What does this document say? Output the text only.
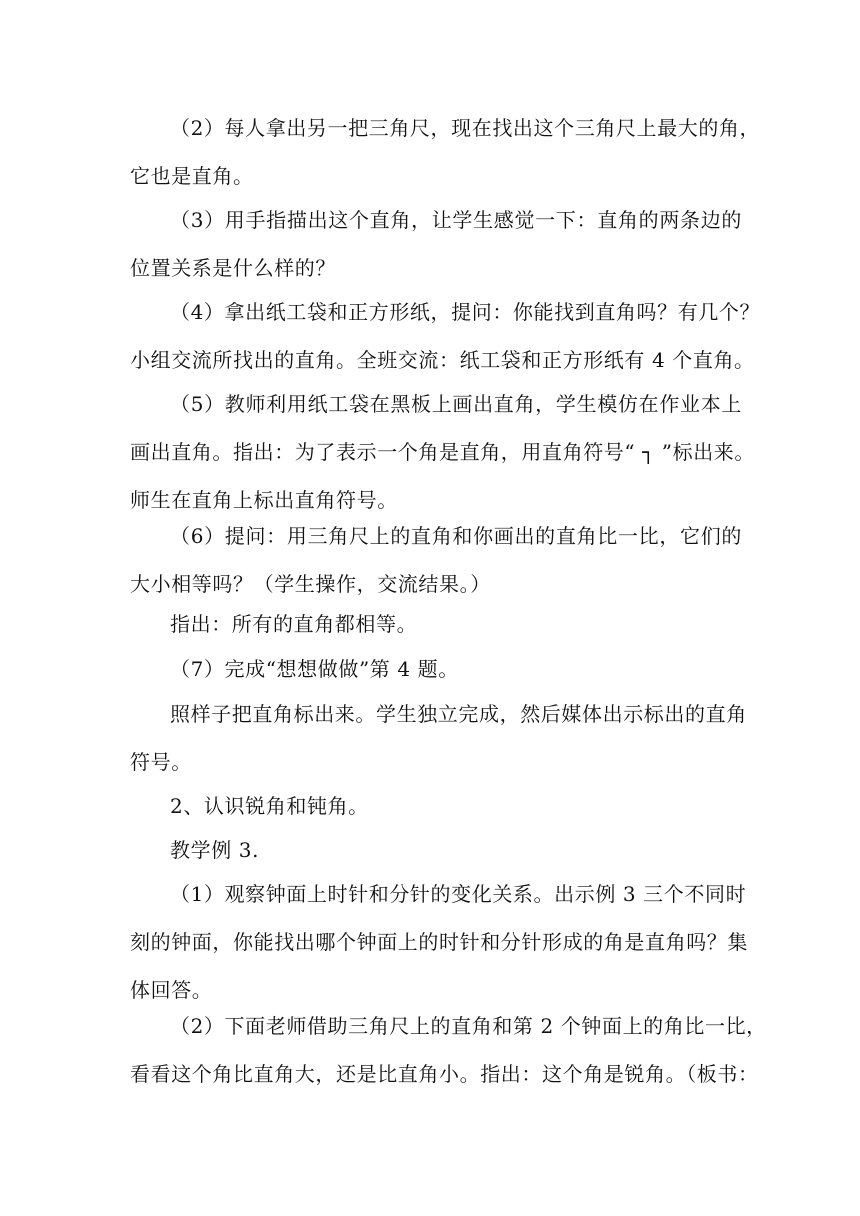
（2）每人拿出另一把三角尺，现在找出这个三角尺上最大的角，
它也是直角。
（3）用手指描出这个直角，让学生感觉一下：直角的两条边的
位置关系是什么样的？
（4）拿出纸工袋和正方形纸，提问：你能找到直角吗？有几个？
小组交流所找出的直角。全班交流：纸工袋和正方形纸有 4 个直角。
（5）教师利用纸工袋在黑板上画出直角，学生模仿在作业本上
画出直角。指出：为了表示一个角是直角，用直角符号“ ┐ ”标出来。
师生在直角上标出直角符号。
（6）提问：用三角尺上的直角和你画出的直角比一比，它们的
大小相等吗？（学生操作，交流结果。）
指出：所有的直角都相等。
（7）完成“想想做做”第 4 题。
照样子把直角标出来。学生独立完成，然后媒体出示标出的直角
符号。
2、认识锐角和钝角。
教学例 3.
（1）观察钟面上时针和分针的变化关系。出示例 3 三个不同时
刻的钟面，你能找出哪个钟面上的时针和分针形成的角是直角吗？集
体回答。
（2）下面老师借助三角尺上的直角和第 2 个钟面上的角比一比，
看看这个角比直角大，还是比直角小。指出：这个角是锐角。（板书：
